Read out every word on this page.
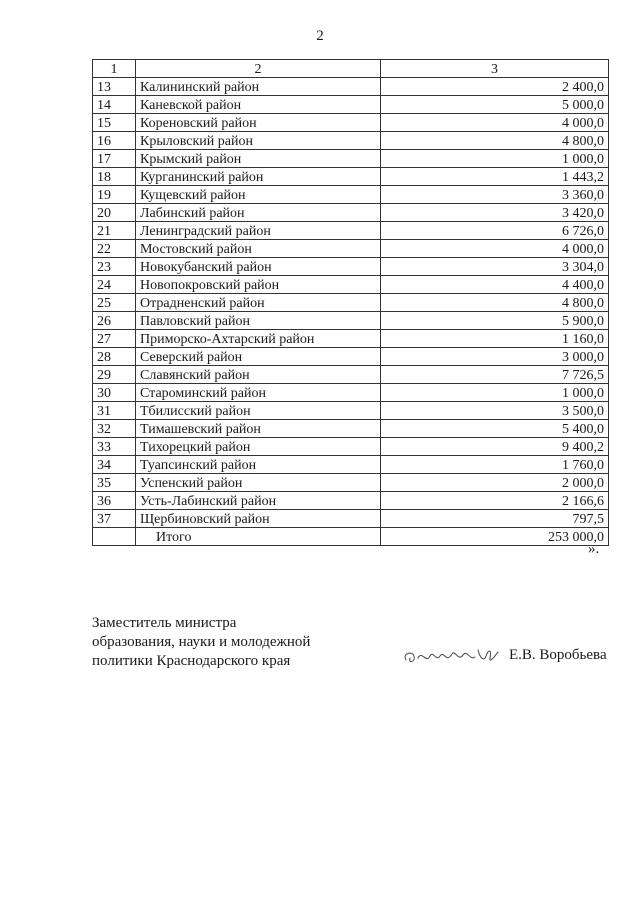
2
1	2	3
13	Калининский район	2 400,0
14	Каневской район	5 000,0
15	Кореновский район	4 000,0
16	Крыловский район	4 800,0
17	Крымский район	1 000,0
18	Курганинский район	1 443,2
19	Кущевский район	3 360,0
20	Лабинский район	3 420,0
21	Ленинградский район	6 726,0
22	Мостовский район	4 000,0
23	Новокубанский район	3 304,0
24	Новопокровский район	4 400,0
25	Отрадненский район	4 800,0
26	Павловский район	5 900,0
27	Приморско-Ахтарский район	1 160,0
28	Северский район	3 000,0
29	Славянский район	7 726,5
30	Староминский район	1 000,0
31	Тбилисский район	3 500,0
32	Тимашевский район	5 400,0
33	Тихорецкий район	9 400,2
34	Туапсинский район	1 760,0
35	Успенский район	2 000,0
36	Усть-Лабинский район	2 166,6
37	Щербиновский район	797,5
	Итого	253 000,0
».
Заместитель министра
образования, науки и молодежной
политики Краснодарского края	Е.В. Воробьева
